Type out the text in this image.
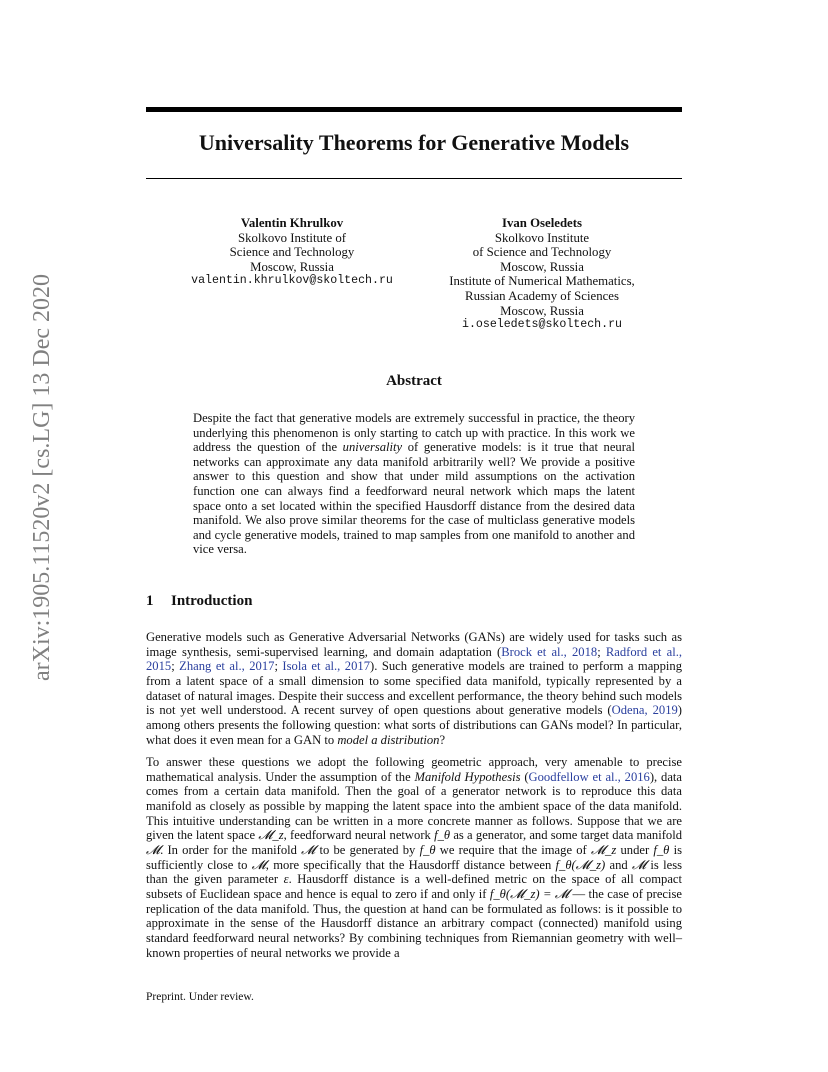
arXiv:1905.11520v2 [cs.LG] 13 Dec 2020
Universality Theorems for Generative Models
Valentin Khrulkov
Skolkovo Institute of
Science and Technology
Moscow, Russia
valentin.khrulkov@skoltech.ru
Ivan Oseledets
Skolkovo Institute
of Science and Technology
Moscow, Russia
Institute of Numerical Mathematics,
Russian Academy of Sciences
Moscow, Russia
i.oseledets@skoltech.ru
Abstract
Despite the fact that generative models are extremely successful in practice, the theory underlying this phenomenon is only starting to catch up with practice. In this work we address the question of the universality of generative models: is it true that neural networks can approximate any data manifold arbitrarily well? We provide a positive answer to this question and show that under mild assumptions on the activation function one can always find a feedforward neural network which maps the latent space onto a set located within the specified Hausdorff distance from the desired data manifold. We also prove similar theorems for the case of multiclass generative models and cycle generative models, trained to map samples from one manifold to another and vice versa.
1 Introduction

Generative models such as Generative Adversarial Networks (GANs) are widely used for tasks such as image synthesis, semi-supervised learning, and domain adaptation (Brock et al., 2018; Radford et al., 2015; Zhang et al., 2017; Isola et al., 2017). Such generative models are trained to perform a mapping from a latent space of a small dimension to some specified data manifold, typically represented by a dataset of natural images. Despite their success and excellent performance, the theory behind such models is not yet well understood. A recent survey of open questions about generative models (Odena, 2019) among others presents the following question: what sorts of distributions can GANs model? In particular, what does it even mean for a GAN to model a distribution?

To answer these questions we adopt the following geometric approach, very amenable to precise mathematical analysis. Under the assumption of the Manifold Hypothesis (Goodfellow et al., 2016), data comes from a certain data manifold. Then the goal of a generator network is to reproduce this data manifold as closely as possible by mapping the latent space into the ambient space of the data manifold. This intuitive understanding can be written in a more concrete manner as follows. Suppose that we are given the latent space 𝓜_z, feedforward neural network f_θ as a generator, and some target data manifold 𝓜. In order for the manifold 𝓜 to be generated by f_θ we require that the image of 𝓜_z under f_θ is sufficiently close to 𝓜, more specifically that the Hausdorff distance between f_θ(𝓜_z) and 𝓜 is less than the given parameter ε. Hausdorff distance is a well-defined metric on the space of all compact subsets of Euclidean space and hence is equal to zero if and only if f_θ(𝓜_z) = 𝓜 — the case of precise replication of the data manifold. Thus, the question at hand can be formulated as follows: is it possible to approximate in the sense of the Hausdorff distance an arbitrary compact (connected) manifold using standard feedforward neural networks? By combining techniques from Riemannian geometry with well–known properties of neural networks we provide a

Preprint. Under review.
